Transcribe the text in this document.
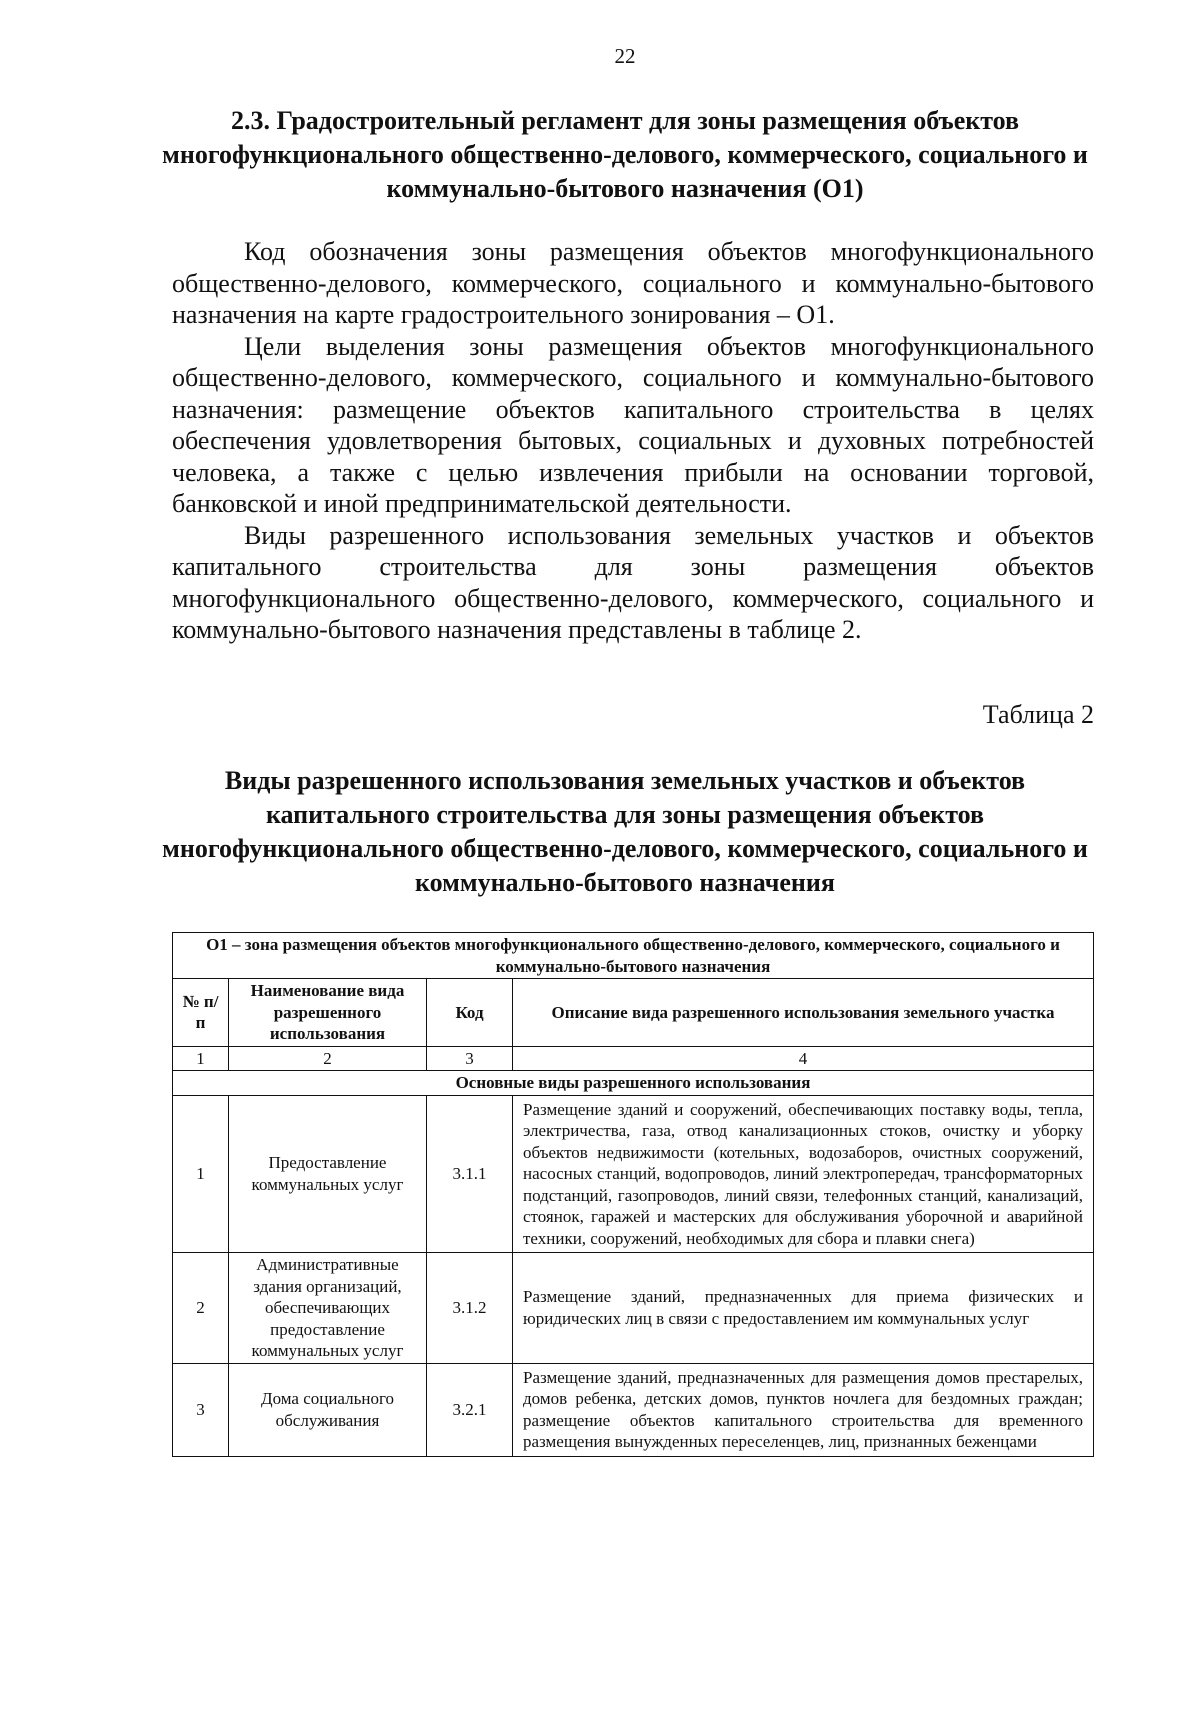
22
2.3. Градостроительный регламент для зоны размещения объектов многофункционального общественно-делового, коммерческого, социального и коммунально-бытового назначения (О1)

Код обозначения зоны размещения объектов многофункционального общественно-делового, коммерческого, социального и коммунально-бытового назначения на карте градостроительного зонирования – О1.

Цели выделения зоны размещения объектов многофункционального общественно-делового, коммерческого, социального и коммунально-бытового назначения: размещение объектов капитального строительства в целях обеспечения удовлетворения бытовых, социальных и духовных потребностей человека, а также с целью извлечения прибыли на основании торговой, банковской и иной предпринимательской деятельности.

Виды разрешенного использования земельных участков и объектов капитального строительства для зоны размещения объектов многофункционального общественно-делового, коммерческого, социального и коммунально-бытового назначения представлены в таблице 2.

Таблица 2
Виды разрешенного использования земельных участков и объектов капитального строительства для зоны размещения объектов многофункционального общественно-делового, коммерческого, социального и коммунально-бытового назначения
О1 – зона размещения объектов многофункционального общественно-делового, коммерческого, социального и коммунально-бытового назначения			
№ п/п	Наименование вида разрешенного использования	Код	Описание вида разрешенного использования земельного участка
1	2	3	4
Основные виды разрешенного использования			
1	Предоставление коммунальных услуг	3.1.1	Размещение зданий и сооружений, обеспечивающих поставку воды, тепла, электричества, газа, отвод канализационных стоков, очистку и уборку объектов недвижимости (котельных, водозаборов, очистных сооружений, насосных станций, водопроводов, линий электропередач, трансформаторных подстанций, газопроводов, линий связи, телефонных станций, канализаций, стоянок, гаражей и мастерских для обслуживания уборочной и аварийной техники, сооружений, необходимых для сбора и плавки снега)
2	Административные здания организаций, обеспечивающих предоставление коммунальных услуг	3.1.2	Размещение зданий, предназначенных для приема физических и юридических лиц в связи с предоставлением им коммунальных услуг
3	Дома социального обслуживания	3.2.1	Размещение зданий, предназначенных для размещения домов престарелых, домов ребенка, детских домов, пунктов ночлега для бездомных граждан; размещение объектов капитального строительства для временного размещения вынужденных переселенцев, лиц, признанных беженцами
